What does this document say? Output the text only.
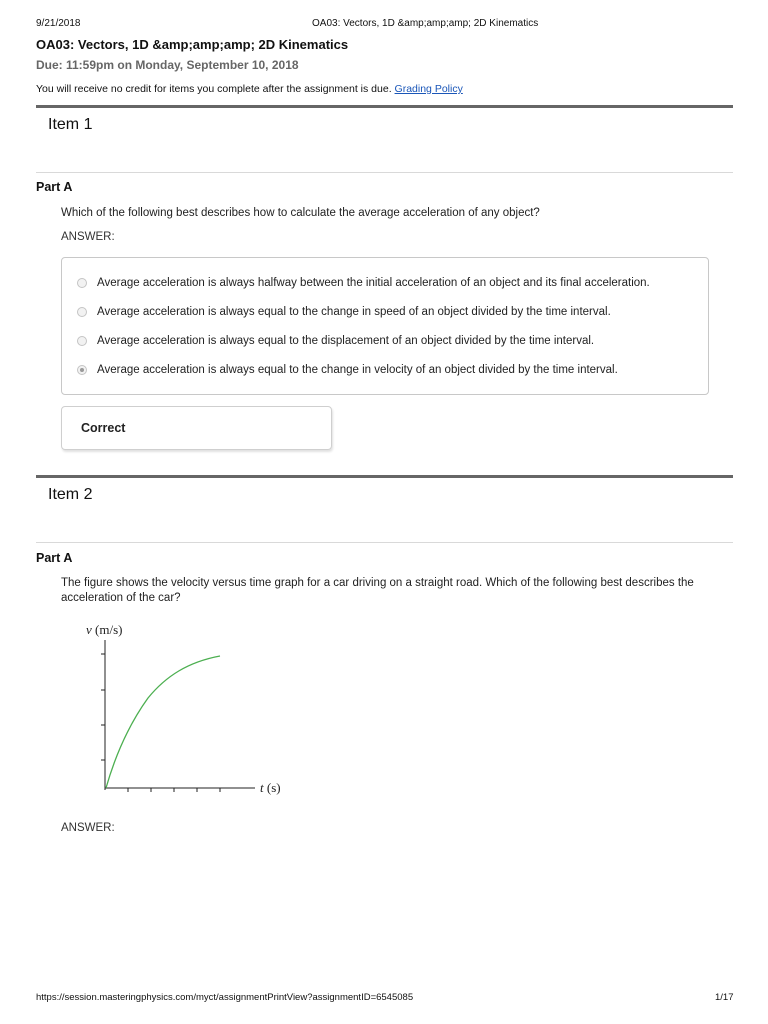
9/21/2018	OA03: Vectors, 1D &amp;amp;amp; 2D Kinematics
OA03: Vectors, 1D &amp;amp;amp; 2D Kinematics
Due: 11:59pm on Monday, September 10, 2018
You will receive no credit for items you complete after the assignment is due. Grading Policy
Item 1
Part A
Which of the following best describes how to calculate the average acceleration of any object?
ANSWER:
Average acceleration is always halfway between the initial acceleration of an object and its final acceleration.
Average acceleration is always equal to the change in speed of an object divided by the time interval.
Average acceleration is always equal to the displacement of an object divided by the time interval.
Average acceleration is always equal to the change in velocity of an object divided by the time interval.
Correct
Item 2
Part A
The figure shows the velocity versus time graph for a car driving on a straight road. Which of the following best describes the acceleration of the car?
v (m/s)
t (s)
ANSWER:
https://session.masteringphysics.com/myct/assignmentPrintView?assignmentID=6545085	1/17
